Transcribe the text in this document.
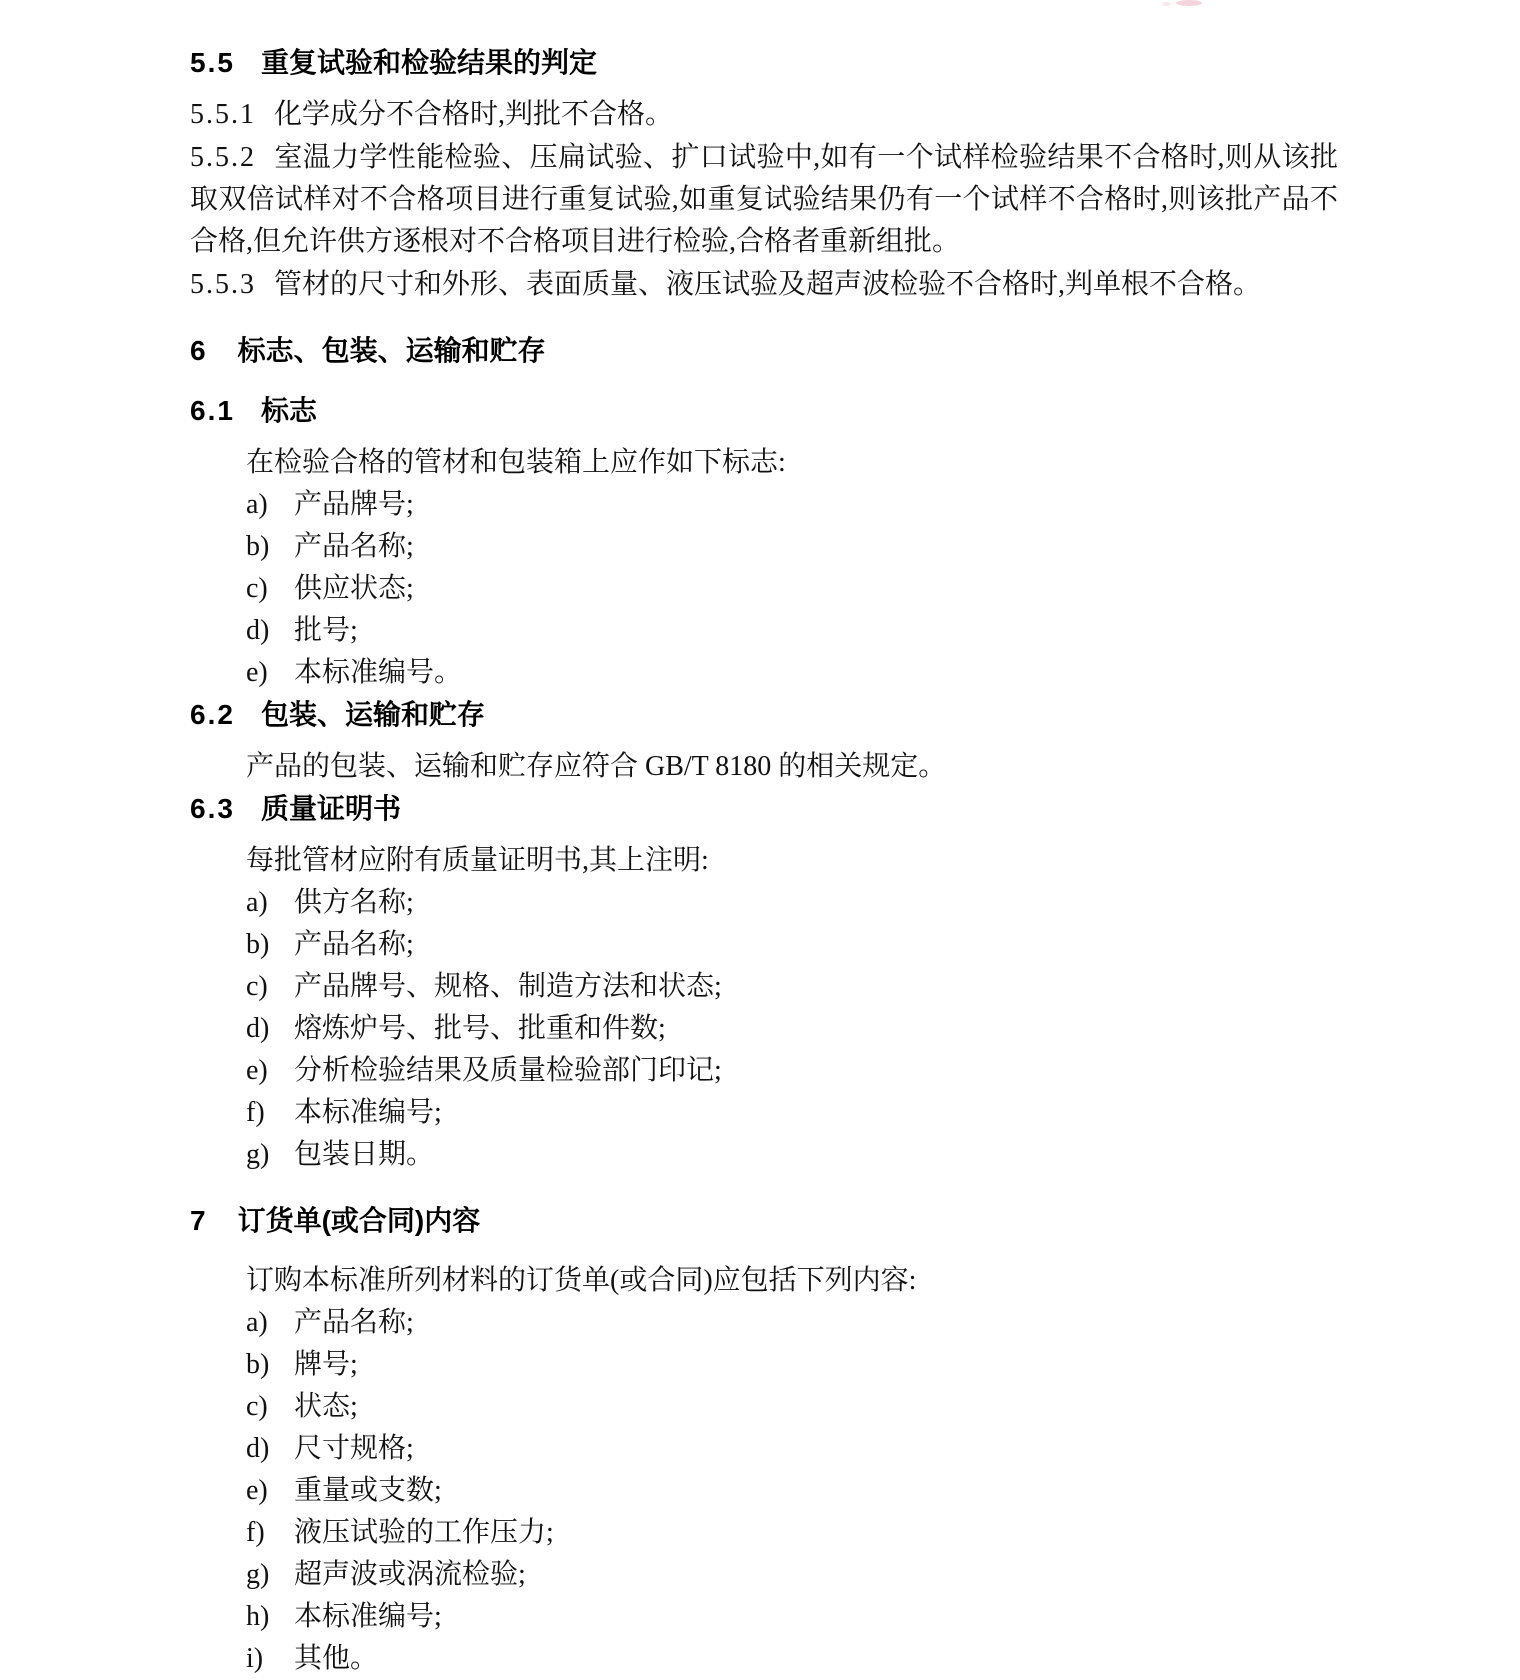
5.5 重复试验和检验结果的判定
5.5.1 化学成分不合格时,判批不合格。
5.5.2 室温力学性能检验、压扁试验、扩口试验中,如有一个试样检验结果不合格时,则从该批取双倍试样对不合格项目进行重复试验,如重复试验结果仍有一个试样不合格时,则该批产品不合格,但允许供方逐根对不合格项目进行检验,合格者重新组批。
5.5.3 管材的尺寸和外形、表面质量、液压试验及超声波检验不合格时,判单根不合格。
6 标志、包装、运输和贮存
6.1 标志
在检验合格的管材和包装箱上应作如下标志:
a) 产品牌号;
b) 产品名称;
c) 供应状态;
d) 批号;
e) 本标准编号。
6.2 包装、运输和贮存
产品的包装、运输和贮存应符合 GB/T 8180 的相关规定。
6.3 质量证明书
每批管材应附有质量证明书,其上注明:
a) 供方名称;
b) 产品名称;
c) 产品牌号、规格、制造方法和状态;
d) 熔炼炉号、批号、批重和件数;
e) 分析检验结果及质量检验部门印记;
f) 本标准编号;
g) 包装日期。
7 订货单(或合同)内容
订购本标准所列材料的订货单(或合同)应包括下列内容:
a) 产品名称;
b) 牌号;
c) 状态;
d) 尺寸规格;
e) 重量或支数;
f) 液压试验的工作压力;
g) 超声波或涡流检验;
h) 本标准编号;
i) 其他。
